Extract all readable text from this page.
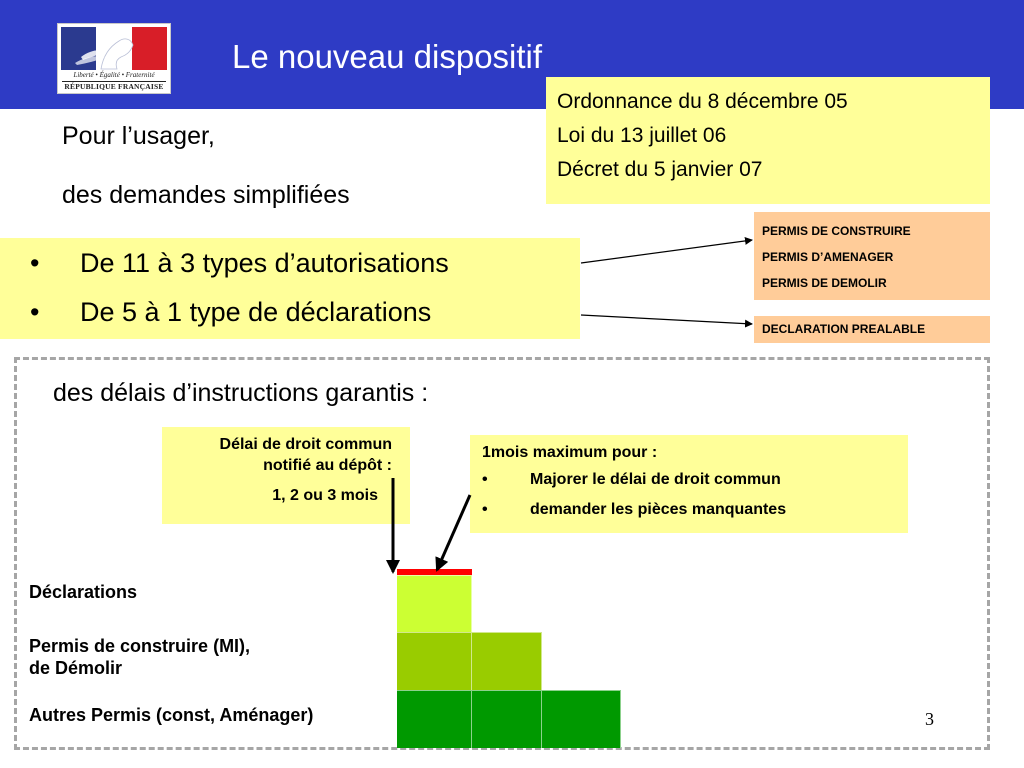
Liberté • Égalité • Fraternité
RÉPUBLIQUE FRANÇAISE
Le nouveau dispositif
Ordonnance du 8 décembre 05
Loi du 13 juillet 06
Décret du 5 janvier 07
Pour l’usager,
des demandes simplifiées
• De 11 à 3 types d’autorisations
• De 5 à 1 type de déclarations
PERMIS DE CONSTRUIRE
PERMIS D’AMENAGER
PERMIS DE DEMOLIR
DECLARATION PREALABLE
des délais d’instructions garantis :
Délai de droit commun
notifié au dépôt :
1, 2 ou 3 mois
1mois maximum pour :
•	Majorer le délai de droit commun
•	demander les pièces manquantes
Déclarations
Permis de construire (MI),
de Démolir
Autres Permis (const, Aménager)	3
